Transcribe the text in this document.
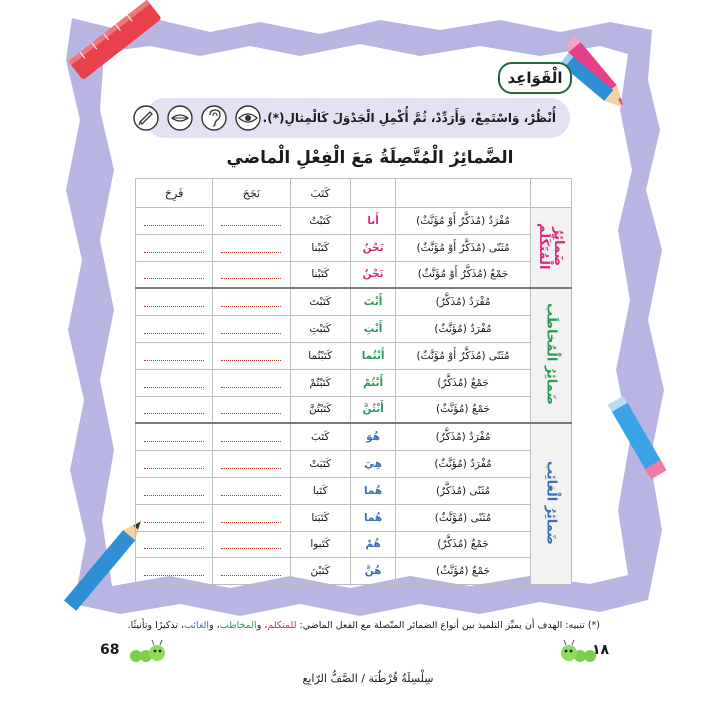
الْقَوَاعِد
أُنْظُرْ، وَاسْتَمِعْ، وَأَرَدِّدْ، ثُمَّ أُكْمِلِ الْجَدْوَلَ كَالْمِثالِ(*).
الضَّمائِرُ الْمُتَّصِلَةُ مَعَ الْفِعْلِ الْماضي
			كَتَبَ	نَجَحَ	فَرِحَ
ضَمائِرُ الْمُتَكَلِّم	مُفْرَدٌ (مُذَكَّرٌ أَوْ مُؤَنَّثٌ)	أَنا	كَتَبْتُ		
	مُثَنّى (مُذَكَّرٌ أَوْ مُؤَنَّثٌ)	نَحْنُ	كَتَبْنا		
	جَمْعٌ (مُذَكَّرٌ أَوْ مُؤَنَّثٌ)	نَحْنُ	كَتَبْنا		
ضَمائِرُ الْمُخاطَب	مُفْرَدٌ (مُذَكَّرٌ)	أَنْتَ	كَتَبْتَ		
	مُفْرَدٌ (مُؤَنَّثٌ)	أَنْتِ	كَتَبْتِ		
	مُثَنّى (مُذَكَّرٌ أَوْ مُؤَنَّثٌ)	أَنْتُما	كَتَبْتُما		
	جَمْعٌ (مُذَكَّرٌ)	أَنْتُمْ	كَتَبْتُمْ		
	جَمْعٌ (مُؤَنَّثٌ)	أَنْتُنَّ	كَتَبْتُنَّ		
ضَمائِرُ الْغائِب	مُفْرَدٌ (مُذَكَّرٌ)	هُوَ	كَتَبَ		
	مُفْرَدٌ (مُؤَنَّثٌ)	هِيَ	كَتَبَتْ		
	مُثَنّى (مُذَكَّرٌ)	هُما	كَتَبا		
	مُثَنّى (مُؤَنَّثٌ)	هُما	كَتَبَتا		
	جَمْعٌ (مُذَكَّرٌ)	هُمْ	كَتَبوا		
	جَمْعٌ (مُؤَنَّثٌ)	هُنَّ	كَتَبْنَ		
(*) تنبيه: الهدف أن يميِّز التلميذ بين أنواع الضمائر المتّصلة مع الفعل الماضي: للمتكلم، والمخاطب، والغائب، تذكيرًا وتأنيثًا.
68	١٨
سِلْسِلَةُ قُرْطُبَة / الصَّفُّ الرّابِع
